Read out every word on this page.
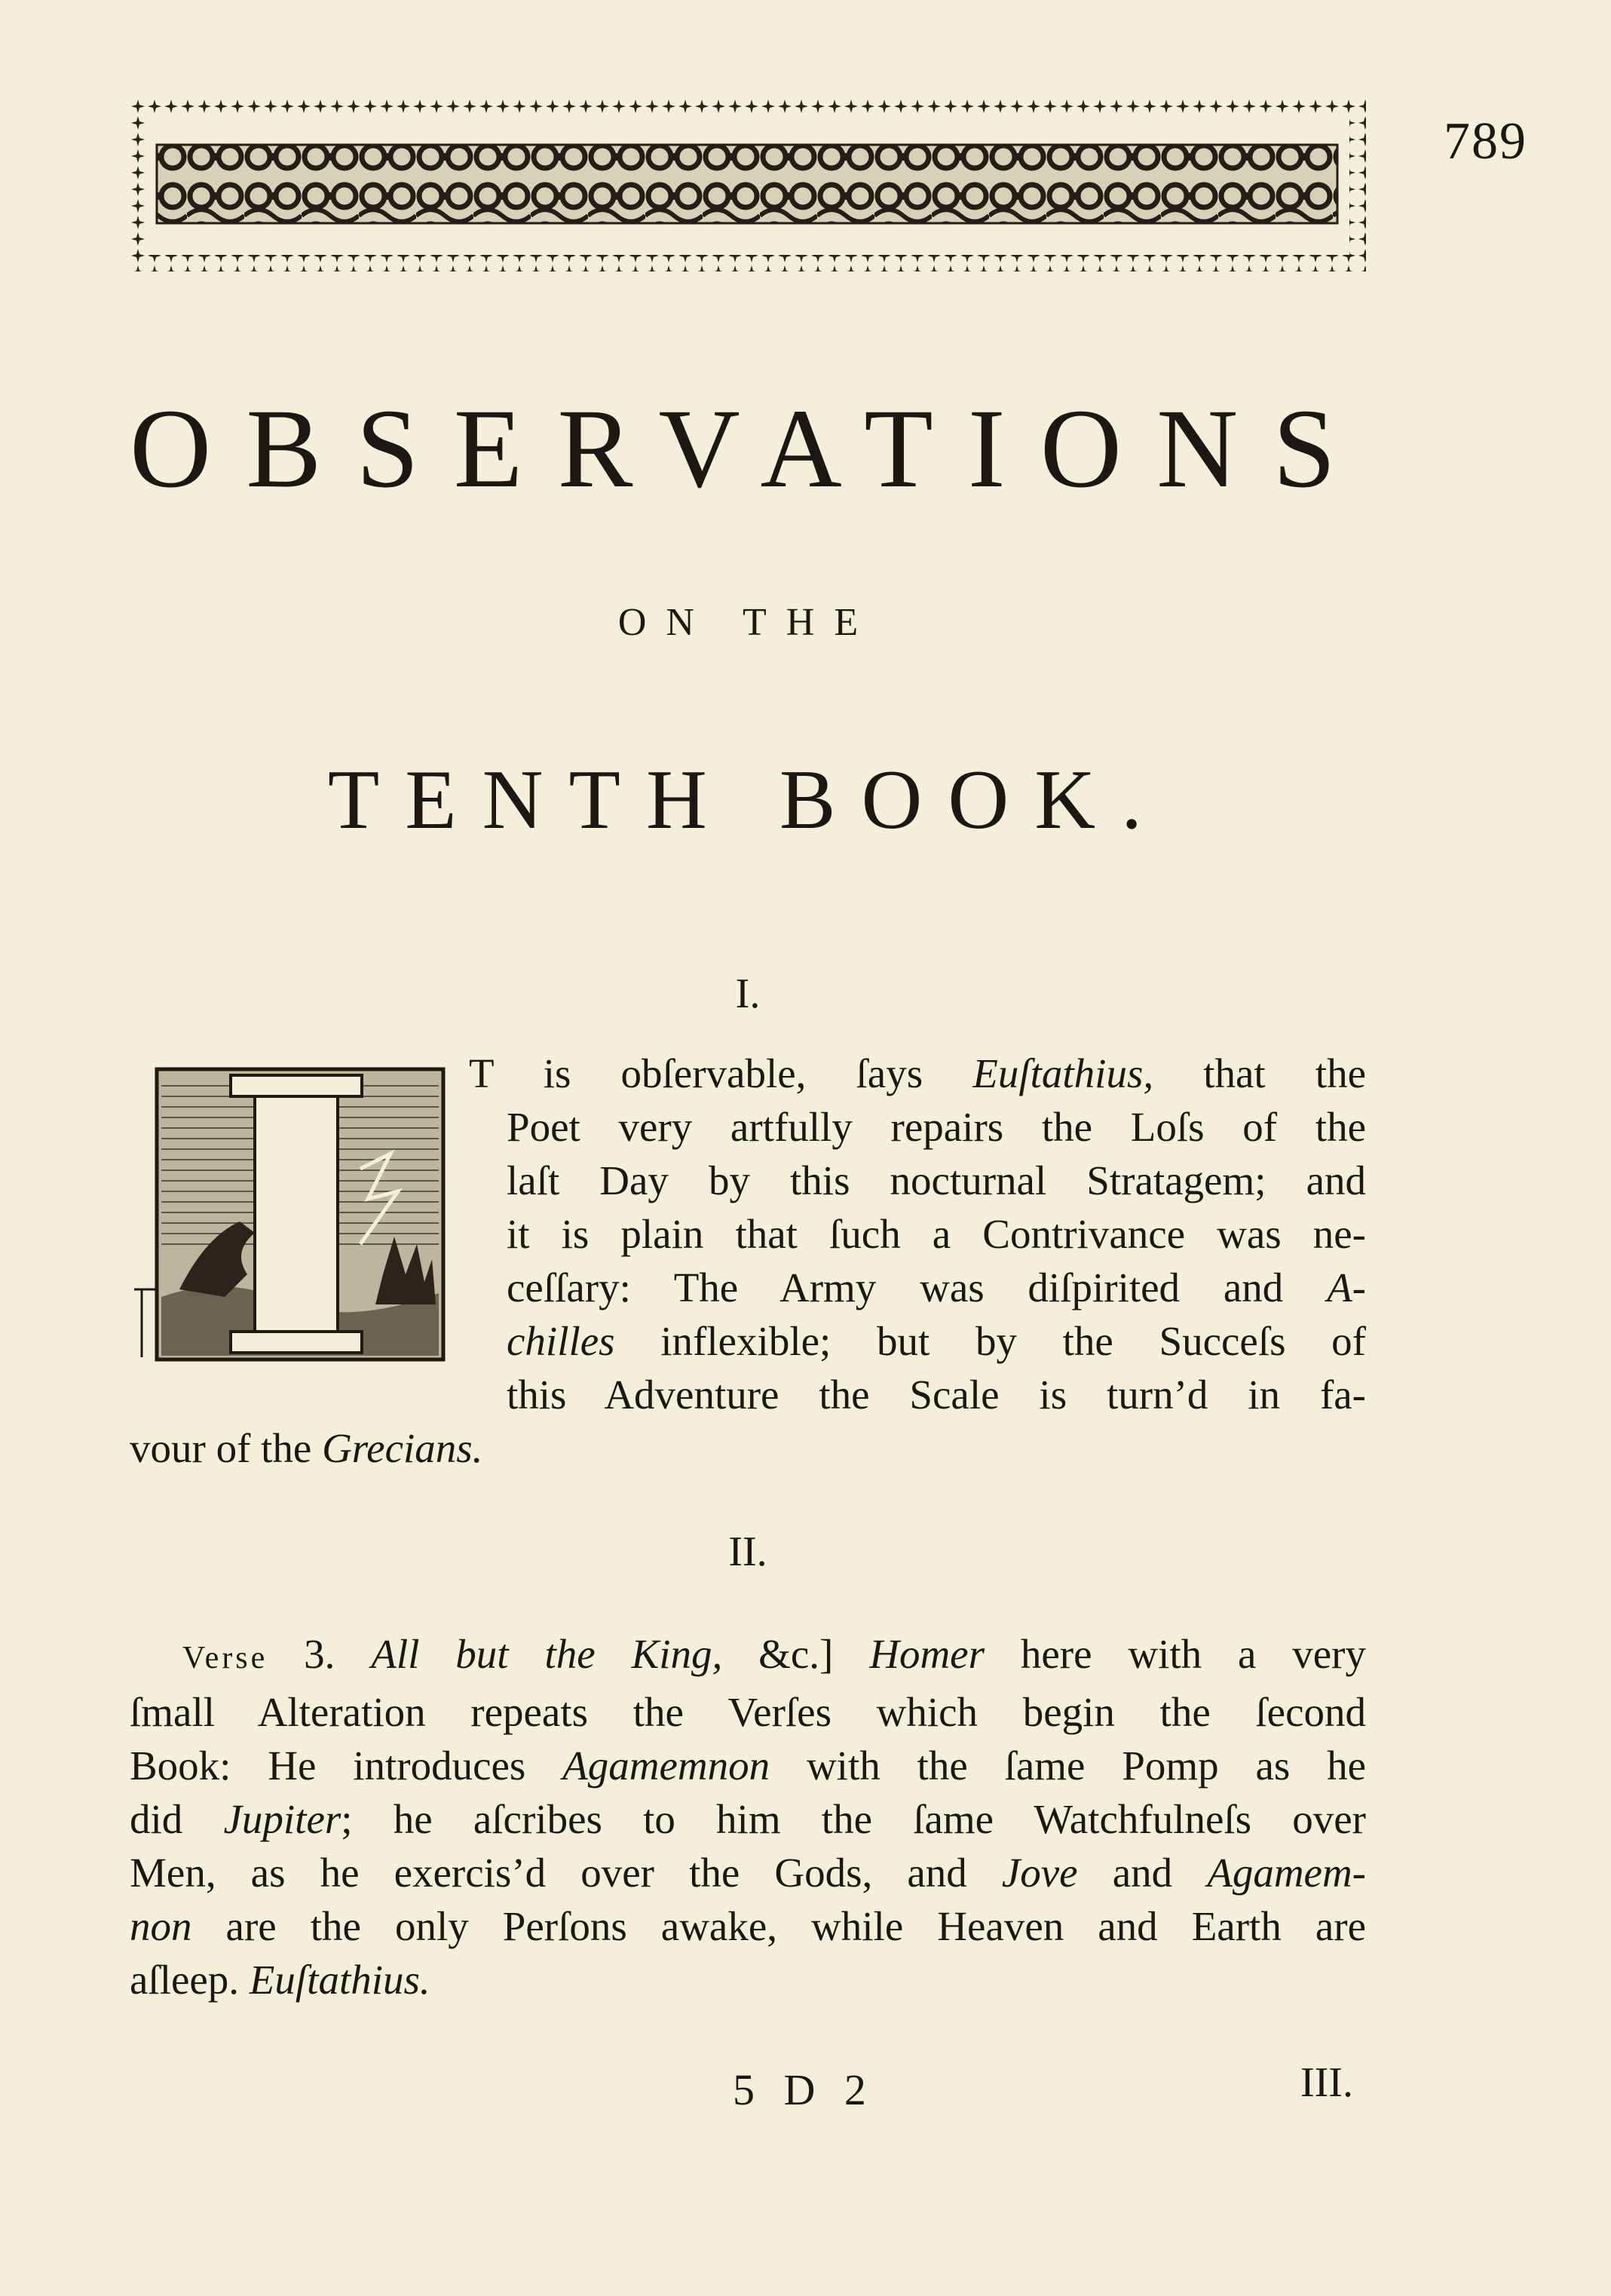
789
OBSERVATIONS
ON THE
TENTH BOOK.
I.
T is obſervable, ſays Euſtathius, that the
Poet very artfully repairs the Loſs of the
laſt Day by this nocturnal Stratagem; and
it is plain that ſuch a Contrivance was ne-
ceſſary: The Army was diſpirited and A-
chilles inflexible; but by the Succeſs of
this Adventure the Scale is turn’d in fa-
vour of the Grecians.
II.
Verse 3. All but the King, &c.] Homer here with a very
ſmall Alteration repeats the Verſes which begin the ſecond
Book: He introduces Agamemnon with the ſame Pomp as he
did Jupiter; he aſcribes to him the ſame Watchfulneſs over
Men, as he exercis’d over the Gods, and Jove and Agamem-
non are the only Perſons awake, while Heaven and Earth are
aſleep. Euſtathius.
5 D 2	III.
